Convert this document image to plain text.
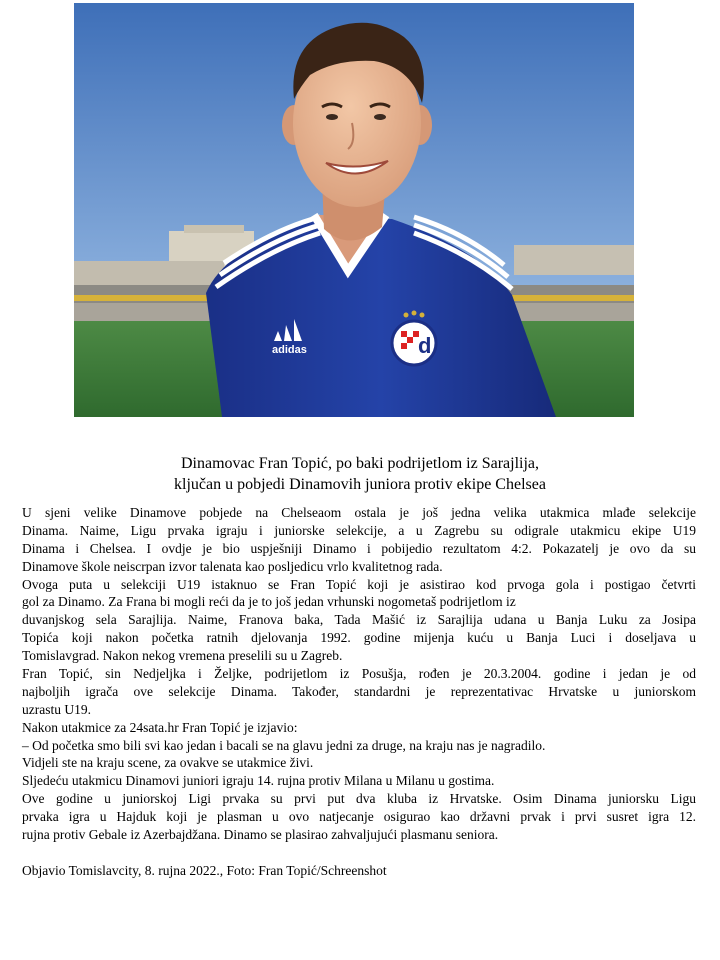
adidas	d
Dinamovac Fran Topić, po baki podrijetlom iz Sarajlija,
ključan u pobjedi Dinamovih juniora protiv ekipe Chelsea
U sjeni velike Dinamove pobjede na Chelseaom ostala je još jedna velika utakmica mlađe selekcije
Dinama. Naime, Ligu prvaka igraju i juniorske selekcije, a u Zagrebu su odigrale utakmicu ekipe U19
Dinama i Chelsea. I ovdje je bio uspješniji Dinamo i pobijedio rezultatom 4:2. Pokazatelj je ovo da su
Dinamove škole neiscrpan izvor talenata kao posljedicu vrlo kvalitetnog rada.
Ovoga puta u selekciji U19 istaknuo se Fran Topić koji je asistirao kod prvoga gola i postigao četvrti
gol za Dinamo. Za Frana bi mogli reći da je to još jedan vrhunski nogometaš podrijetlom iz
duvanjskog sela Sarajlija. Naime, Franova baka, Tada Mašić iz Sarajlija udana u Banja Luku za Josipa
Topića koji nakon početka ratnih djelovanja 1992. godine mijenja kuću u Banja Luci i doseljava u
Tomislavgrad. Nakon nekog vremena preselili su u Zagreb.
Fran Topić, sin Nedjeljka i Željke, podrijetlom iz Posušja, rođen je 20.3.2004. godine i jedan je od
najboljih igrača ove selekcije Dinama. Također, standardni je reprezentativac Hrvatske u juniorskom
uzrastu U19.
Nakon utakmice za 24sata.hr Fran Topić je izjavio:
– Od početka smo bili svi kao jedan i bacali se na glavu jedni za druge, na kraju nas je nagradilo.
Vidjeli ste na kraju scene, za ovakve se utakmice živi.
Sljedeću utakmicu Dinamovi juniori igraju 14. rujna protiv Milana u Milanu u gostima.
Ove godine u juniorskoj Ligi prvaka su prvi put dva kluba iz Hrvatske. Osim Dinama juniorsku Ligu
prvaka igra u Hajduk koji je plasman u ovo natjecanje osigurao kao državni prvak i prvi susret igra 12.
rujna protiv Gebale iz Azerbajdžana. Dinamo se plasirao zahvaljujući plasmanu seniora.
Objavio Tomislavcity, 8. rujna 2022., Foto: Fran Topić/Schreenshot
